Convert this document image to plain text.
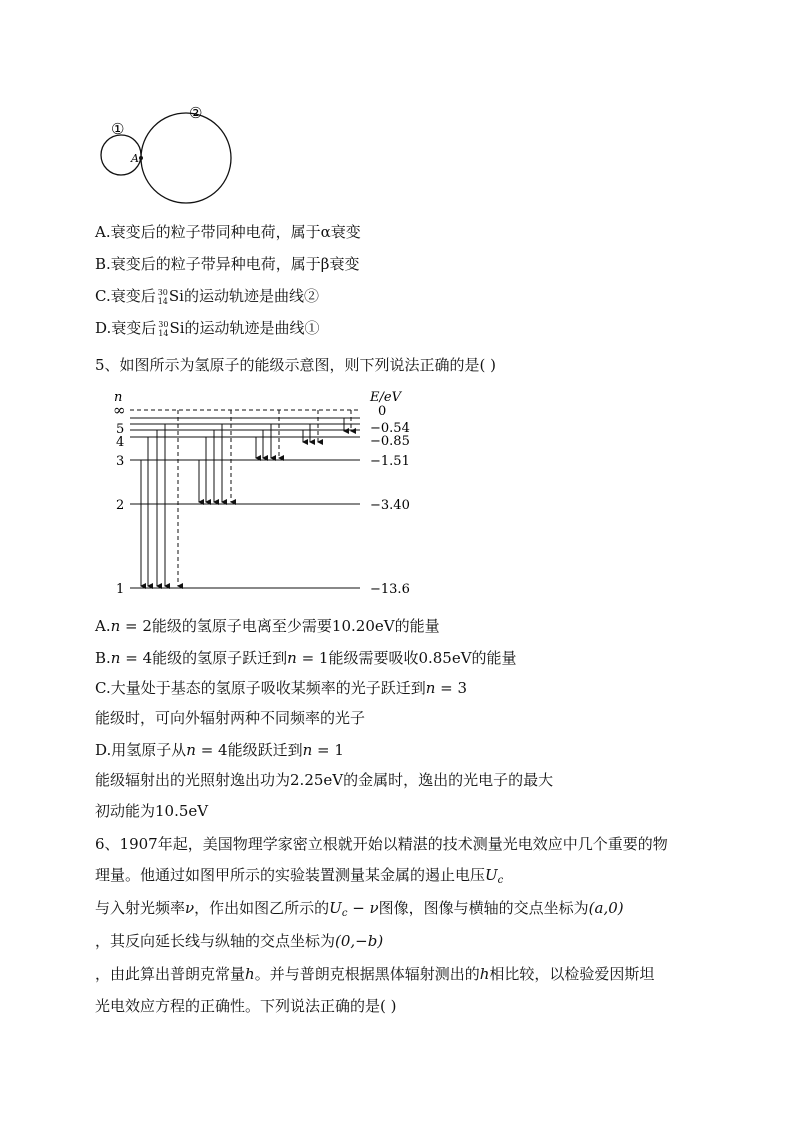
①
②
A
A.衰变后的粒子带同种电荷，属于α衰变
B.衰变后的粒子带异种电荷，属于β衰变
C.衰变后 30
14Si的运动轨迹是曲线②
D.衰变后 30
14Si的运动轨迹是曲线①
5、如图所示为氢原子的能级示意图，则下列说法正确的是( )
n	E/eV
∞
5
4
3
2
1
0
−0.54
−0.85
−1.51
−3.40
−13.6
A.n = 2能级的氢原子电离至少需要10.20eV的能量
B.n = 4能级的氢原子跃迁到n = 1能级需要吸收0.85eV的能量
C.大量处于基态的氢原子吸收某频率的光子跃迁到n = 3
能级时，可向外辐射两种不同频率的光子
D.用氢原子从n = 4能级跃迁到n = 1
能级辐射出的光照射逸出功为2.25eV的金属时，逸出的光电子的最大
初动能为10.5eV
6、1907年起，美国物理学家密立根就开始以精湛的技术测量光电效应中几个重要的物
理量。他通过如图甲所示的实验装置测量某金属的遏止电压$U_c$
与入射光频率ν，作出如图乙所示的$U_c - \nu$图像，图像与横轴的交点坐标为(a,0)
，其反向延长线与纵轴的交点坐标为(0,−b)
，由此算出普朗克常量h。并与普朗克根据黑体辐射测出的h相比较，以检验爱因斯坦
光电效应方程的正确性。下列说法正确的是( )
